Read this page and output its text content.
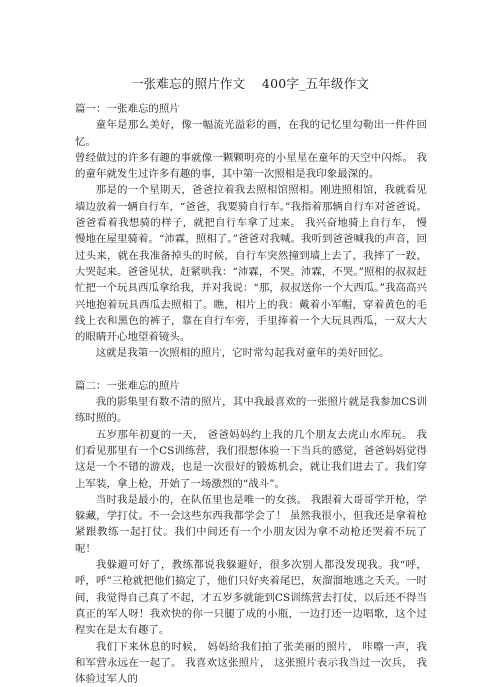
一张难忘的照片作文    400字_五年级作文

篇一：一张难忘的照片

童年是那么美好，像一幅流光溢彩的画，在我的记忆里勾勒出一件件回忆。

曾经做过的许多有趣的事就像一颗颗明亮的小星星在童年的天空中闪烁。 我的童年就发生过许多有趣的事，其中第一次照相是我印象最深的。

那是的一个星期天，爸爸拉着我去照相馆照相。刚进照相馆，我就看见墙边放着一辆自行车，“爸爸，我要骑自行车。”我指着那辆自行车对爸爸说。爸爸看着我想骑的样子，就把自行车拿了过来。 我兴奋地骑上自行车， 慢慢地在屋里骑着。“沛霖，照相了。”爸爸对我喊。我听到爸爸喊我的声音，回过头来，就在我准备掉头的时候，自行车突然撞到墙上去了，我摔了一跤，大哭起来。爸爸见状，赶紧哄我：“沛霖，不哭。沛霖，不哭。”照相的叔叔赶忙把一个玩具西瓜拿给我，并对我说：“那，叔叔送你一个大西瓜。”我高高兴兴地抱着玩具西瓜去照相了。瞧，相片上的我：戴着小军帽，穿着黄色的毛线上衣和黑色的裤子，靠在自行车旁，手里捧着一个大玩具西瓜，一双大大的眼睛开心地望着镜头。

这就是我第一次照相的照片，它时常勾起我对童年的美好回忆。

篇二：一张难忘的照片

我的影集里有数不清的照片，其中我最喜欢的一张照片就是我参加CS训练时照的。

五岁那年初夏的一天， 爸爸妈妈约上我的几个朋友去虎山水库玩。 我们看见那里有一个CS训练营，我们很想体验一下当兵的感觉，爸爸妈妈觉得这是一个不错的游戏，也是一次很好的锻炼机会，就让我们进去了。我们穿上军装，拿上枪，开始了一场激烈的“战斗”。

当时我是最小的，在队伍里也是唯一的女孩。 我跟着大哥哥学开枪，学躲藏，学打仗。不一会这些东西我都学会了！ 虽然我很小，但我还是拿着枪紧跟教练一起打仗。我们中间还有一个小朋友因为拿不动枪还哭着不玩了呢！

我躲避可好了，教练都说我躲避好，很多次别人都没发现我。我“呼，呼，呼”三枪就把他们搞定了，他们只好夹着尾巴，灰溜溜地逃之夭夭。一时间，我觉得自己真了不起，才五岁多就能到CS训练营去打仗，以后还不得当真正的军人呀！我欢快的你一只腿了成的小瓶，一边打还一边唱歌，这个过程实在是太有趣了。

我们下来休息的时候， 妈妈给我们拍了张美丽的照片， 咔嚓一声，我和军营永远在一起了。 我喜欢这张照片， 这张照片表示我当过一次兵， 我体验过军人的
